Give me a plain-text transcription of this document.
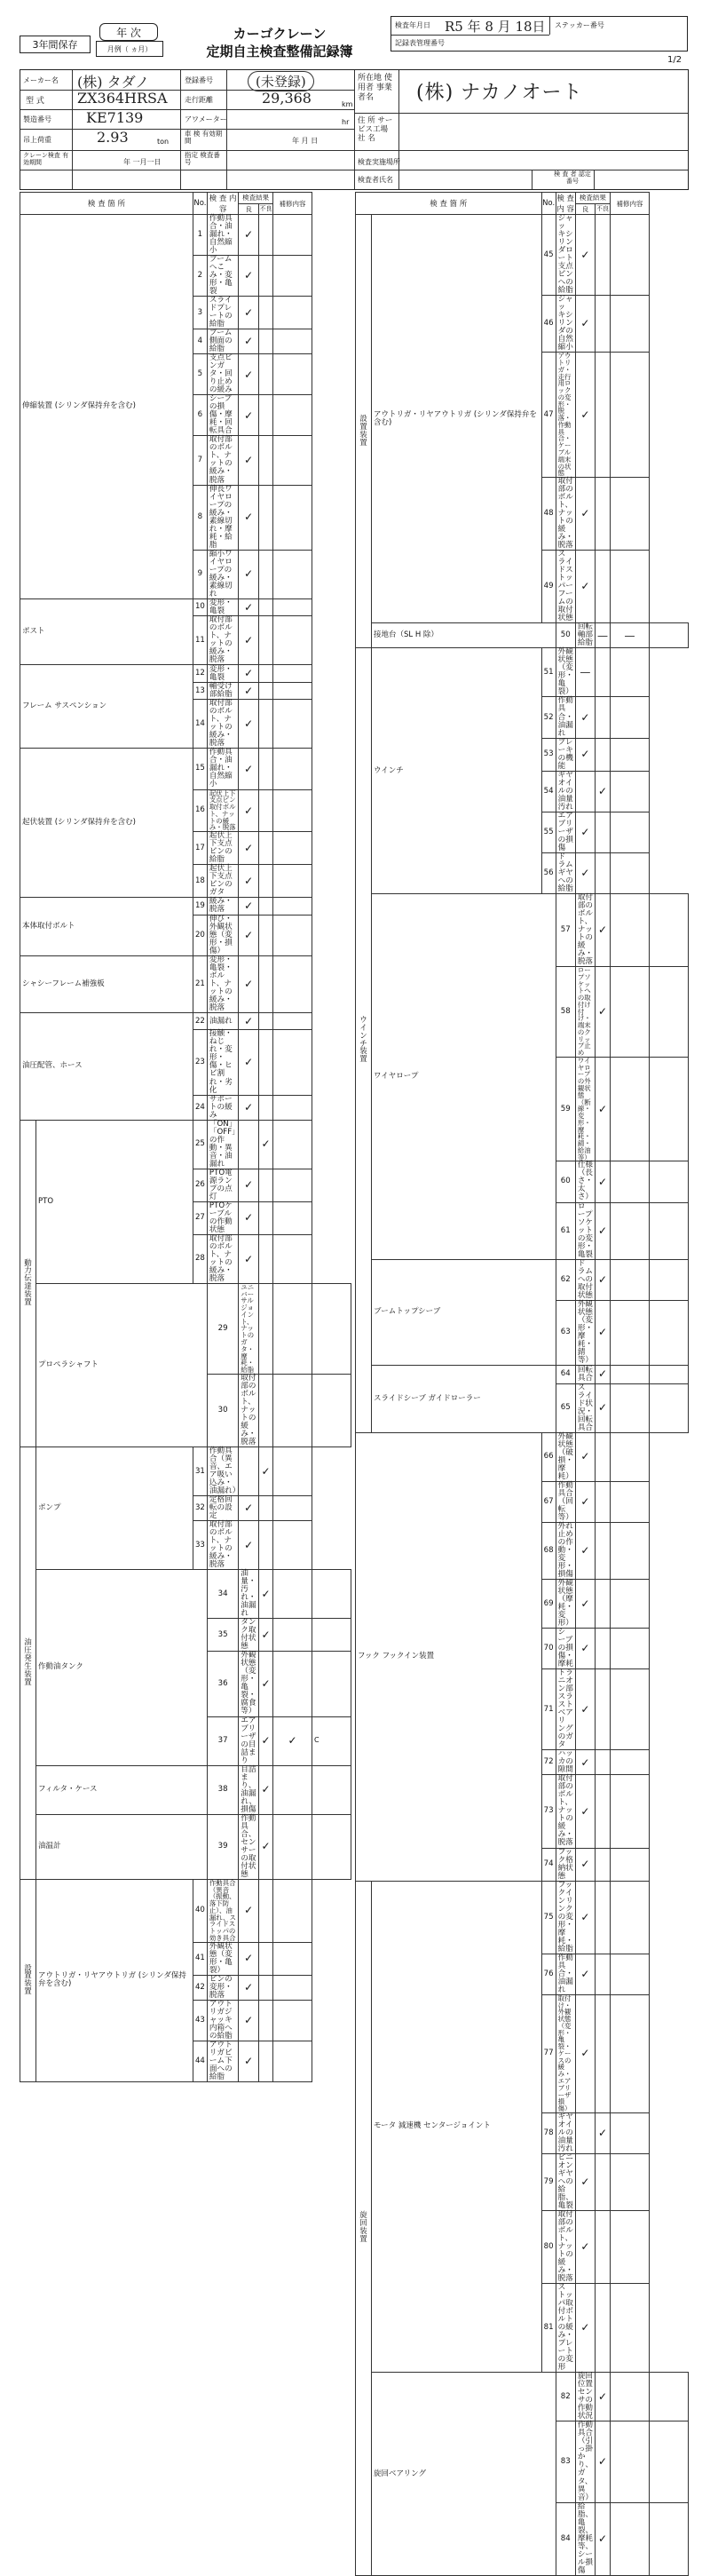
3年間保存
年 次
月例（ ヵ月）
カーゴクレーン
定期自主検査整備記録簿
検査年月日 R5 年 8 月 18日 ステッカー番号
記録表管理番号
1/2
メーカー名 (株) タダノ
型 式 ZX364HRSA
製造番号 KE7139
吊上荷重	2.93	ton
クレーン検査 有効期間	年 一月一日
登録番号	(未登録)
走行距離	29,368	km
アワメーター	hr
車 検 有効期間	年 月 日
指定 検査番号
所在地 使用者 事業者名	(株) ナカノオート
住 所 サービス工場 社 名
検査実施場所
検査者氏名
検 査 者 認定番号
検 査 箇 所		No.	検 査 内 容	検査結果		補修内容	
				良	不良		
伸縮装置 (シリンダ保持弁を含む)		1	作動具合・油漏れ・自然縮小	✓			
		2	ブームへこみ・変形・亀裂	✓			
		3	スライドプレートの給脂	✓			
		4	ブーム側面の給脂	✓			
		5	支点ピンガタ・回り止めの緩み	✓			
		6	シーブの損傷・摩耗・回転具合	✓			
		7	取付部のボルト、ナットの緩み・脱落	✓			
		8	伸長ワイヤロープの緩み・素線切れ・摩耗・給脂	✓			
		9	縮小ワイヤロープの緩み・素線切れ	✓			
ポスト		10	変形・亀裂	✓			
		11	取付部のボルト、ナットの緩み・脱落	✓			
フレーム サスペンション		12	変形・亀裂	✓			
		13	軸受け部給脂	✓			
		14	取付部のボルト、ナットの緩み・脱落	✓			
起伏装置 (シリンダ保持弁を含む)		15	作動具合・油漏れ・自然縮小	✓			
		16	起伏上下支点ピン取付ボルト、ナットの緩み・脱落	✓			
		17	起伏上下支点ピンの給脂	✓			
		18	起伏上下支点ピンのガタ	✓			
本体取付ボルト		19	緩み・脱落	✓			
		20	伸び・外観状態（変形・損傷）	✓			
シャシーフレーム補強板		21	変形・亀裂・ボルト、ナットの緩み・脱落	✓			
油圧配管、ホース		22	油漏れ	✓			
		23	接触・ねじれ・変形・傷・ヒビ割れ・劣化	✓			
		24	サポートの緩み	✓			
動力伝達装置	PTO	25	「ON」「OFF」の作動・異音・油漏れ		✓		
		26	PTO電源ランプの点灯	✓			
		27	PTOケーブルの作動状態	✓			
		28	取付部のボルト、ナットの緩み・脱落	✓			
	プロペラシャフト		29	ユニバーサルジョイント、ナットのガタ・摩耗・給脂			
			30	取付部のボルト、ナットの緩み・脱落			
油圧発生装置	ポンプ	31	作動具合（異音、エア吸い込み・油漏れ）		✓		
		32	定格回転の設定	✓			
		33	取付部のボルト、ナットの緩み・脱落	✓			
	作動油タンク		34	油量・汚れ・油漏れ	✓		
			35	タンク取付状態	✓		
			36	外観状態（変形・亀裂・腐食等）	✓		
			37	エアブリーザの目詰まり	✓	✓	C
	フィルタ・ケース		38	目詰まり、油漏れ、損傷	✓		
	油温計		39	作動具合、センサーの取付状態	✓		
設置装置	アウトリガ・リヤアウトリガ (シリンダ保持弁を含む)	40	作動具合（異音（振動、落下防止）、油漏れ、スライドストッパの効き具合	✓			
		41	外観状態（変形・亀裂）	✓			
		42	ピンの変形・脱落	✓			
		43	アウトリガジャッキ内箱への給脂	✓			
		44	アウトリガビーム下面への給脂	✓			
検 査 箇 所		No.	検 査 内 容	検査結果		補修内容	
				良	不良		
設置装置	アウトリガ・リヤアウトリガ (シリンダ保持弁を含む)	45	ジャッキシリンダロート支点ピンへの給脂	✓			
		46	ジャッキシリンダの自然縮小	✓			
		47	アウトリガ・走行用ロックの変形・脱落・作動具合・ケーブル端末の状態	✓			
		48	取付部のボルト、ナットの緩み・脱落	✓			
		49	スライドストッパーフームの取付状態	✓			
	接地台（SL H 除）		50	回転軸部給脂	—	—	
ウインチ装置	ウインチ	51	外観状態（変形・亀裂）	—			
		52	作動具合・油漏れ	✓			
		53	ブレーキの機能	✓			
		54	ギヤオイルの油量 汚れ		✓		
		55	エアブリーザの損傷	✓			
		56	ドラムギヤへの給脂	✓			
	ワイヤロープ		57	取付部のボルト、ナットの緩み・脱落	✓		
			58	ロープソケットへの取付け付け・端末のクリップ止め	✓		
			59	ワイヤロープの外観状態（断線・変形・摩耗・錆・給油等）	✓		
			60	仕様（長さ・太さ）	✓		
			61	ロープソケットの変形・亀裂	✓		
	ブームトップシーブ		62	ドラムへの取付状態	✓		
			63	外観状態（変形・摩耗・錆等）	✓		
	スライドシーブ ガイドローラー		64	回転具合	✓		
			65	スライド状況・回転具合	✓		
フック フックイン装置		66	外観状態（破損・摩耗）	✓			
		67	作動具合（回転等）	✓			
		68	外れ止めの作動・変形・損傷	✓			
		69	外観状態（摩耗・変形）	✓			
		70	シーブの損傷・摩耗	✓			
		71	トラニオン部スラストベアリングのガタ	✓			
		72	ハッカの隙間	✓			
		73	取付部のボルト、ナットの緩み・脱落	✓			
		74	フック格納状態	✓			
旋回装置	モータ 減速機 センタージョイント	75	フックインリンクの変形・摩耗・給脂	✓			
		76	作動具合・油漏れ	✓			
		77	取付け・外観状態（変形・亀裂・ケースの緩み・エアブリーザ損傷）	✓			
		78	ギヤオイルの油量 汚れ		✓		
		79	ピニオンギヤへの給脂、亀裂	✓			
		80	取付部のボルト、ナットの緩み・脱落	✓			
		81	ストッパ取付ボルトの緩み・プレートの変形	✓			
	旋回ベアリング		82	旋回位置センサの作動状況	✓		
			83	作動具合（引っ掛かり、ガタ、異音）	✓		
			84	給脂、亀裂、摩耗等、シール損傷	✓		
